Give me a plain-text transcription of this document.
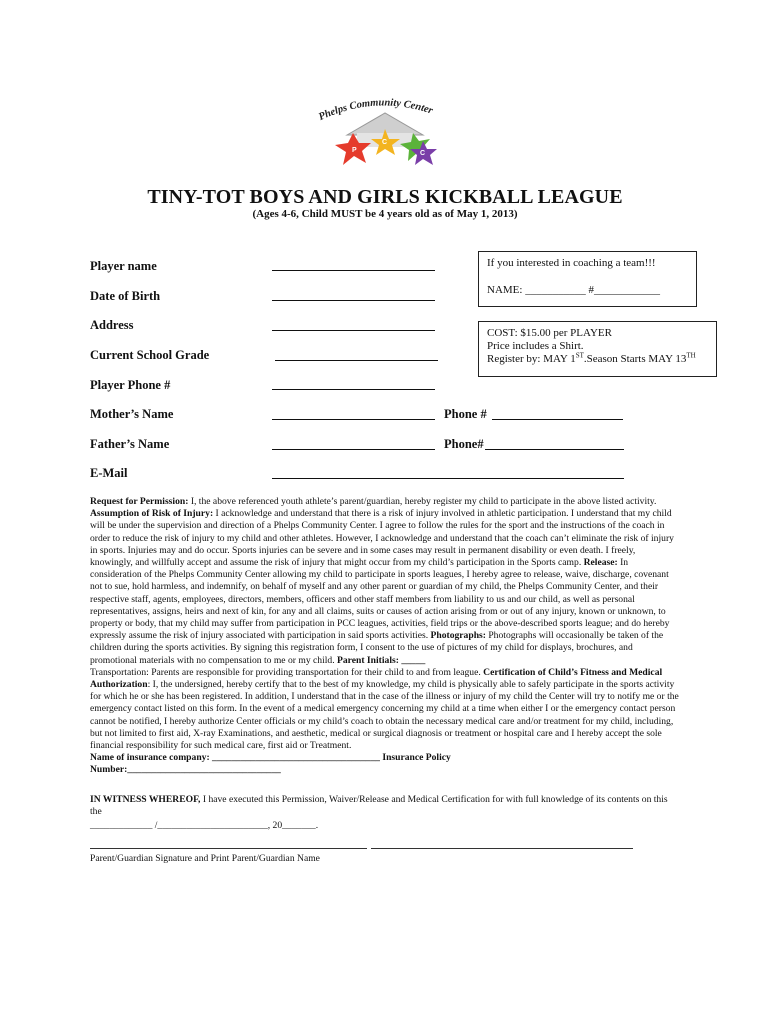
Phelps Community Center
P
C
C
TINY-TOT BOYS AND GIRLS KICKBALL LEAGUE
(Ages 4-6, Child MUST be 4 years old as of May 1, 2013)
Player name
Date of Birth
Address
Current School Grade
Player Phone #
Mother’s Name	Phone #
Father’s Name	Phone#
E-Mail
If you interested in coaching a team!!!
NAME: ___________ #____________
COST: $15.00 per PLAYER
Price includes a Shirt.
Register by: MAY 1ST.Season Starts MAY 13TH
Request for Permission: I, the above referenced youth athlete’s parent/guardian, hereby register my child to participate in the above listed activity. Assumption of Risk of Injury: I acknowledge and understand that there is a risk of injury involved in athletic participation. I understand that my child will be under the supervision and direction of a Phelps Community Center. I agree to follow the rules for the sport and the instructions of the coach in order to reduce the risk of injury to my child and other athletes. However, I acknowledge and understand that the coach can’t eliminate the risk of injury in sports. Injuries may and do occur. Sports injuries can be severe and in some cases may result in permanent disability or even death. I freely, knowingly, and willfully accept and assume the risk of injury that might occur from my child’s participation in the Sports camp. Release: In consideration of the Phelps Community Center allowing my child to participate in sports leagues, I hereby agree to release, waive, discharge, covenant not to sue, hold harmless, and indemnify, on behalf of myself and any other parent or guardian of my child, the Phelps Community Center, and their respective staff, agents, employees, directors, members, officers and other staff members from liability to us and our child, as well as personal representatives, assigns, heirs and next of kin, for any and all claims, suits or causes of action arising from or out of any injury, known or unknown, to property or body, that my child may suffer from participation in PCC leagues, activities, field trips or the above-described sports league; and do hereby expressly assume the risk of injury associated with participation in said sports activities. Photographs: Photographs will occasionally be taken of the children during the sports activities. By signing this registration form, I consent to the use of pictures of my child for displays, brochures, and promotional materials with no compensation to me or my child. Parent Initials: _____
Transportation: Parents are responsible for providing transportation for their child to and from league. Certification of Child’s Fitness and Medical Authorization: I, the undersigned, hereby certify that to the best of my knowledge, my child is physically able to safely participate in the sports activity for which he or she has been registered. In addition, I understand that in the case of the illness or injury of my child the Center will try to notify me or the emergency contact listed on this form. In the event of a medical emergency concerning my child at a time when either I or the emergency contact person cannot be notified, I hereby authorize Center officials or my child’s coach to obtain the necessary medical care and/or treatment for my child, including, but not limited to first aid, X-ray Examinations, and aesthetic, medical or surgical diagnosis or treatment or hospital care and I hereby accept the sole financial responsibility for such medical care, first aid or Treatment.
Name of insurance company: ___________________________________ Insurance Policy
Number:________________________________
IN WITNESS WHEREOF, I have executed this Permission, Waiver/Release and Medical Certification for with full knowledge of its contents on this the
_____________ /_______________________, 20_______.
Parent/Guardian Signature and Print Parent/Guardian Name
